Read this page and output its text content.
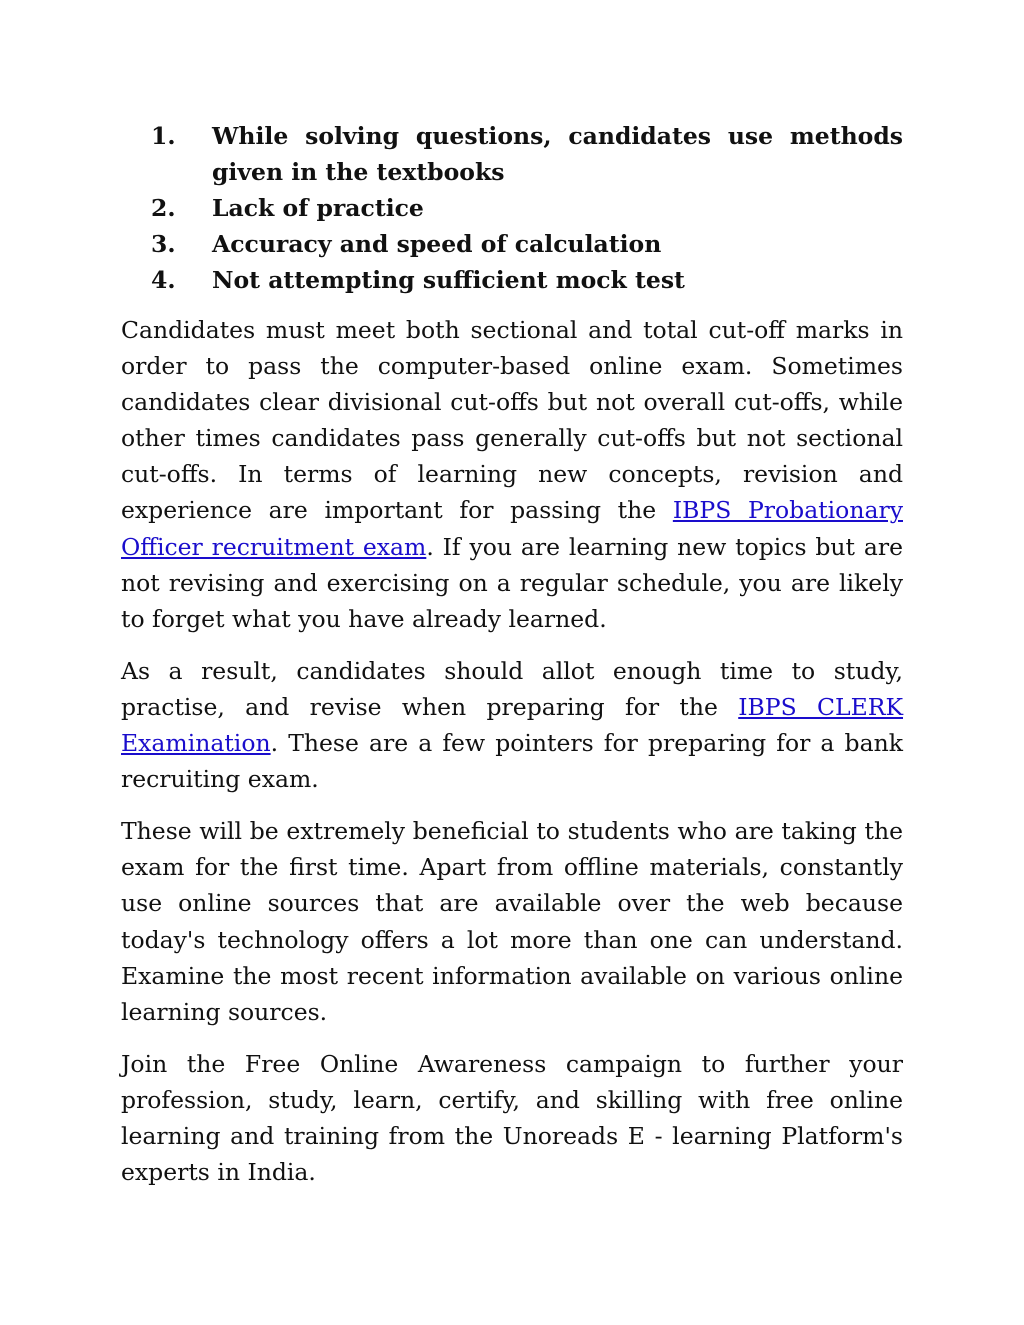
1.	While solving questions, candidates use methods given in the textbooks
2.	Lack of practice
3.	Accuracy and speed of calculation
4.	Not attempting sufficient mock test

Candidates must meet both sectional and total cut-off marks in order to pass the computer-based online exam. Sometimes candidates clear divisional cut-offs but not overall cut-offs, while other times candidates pass generally cut-offs but not sectional cut-offs. In terms of learning new concepts, revision and experience are important for passing the IBPS Probationary Officer recruitment exam. If you are learning new topics but are not revising and exercising on a regular schedule, you are likely to forget what you have already learned.

As a result, candidates should allot enough time to study, practise, and revise when preparing for the IBPS CLERK Examination. These are a few pointers for preparing for a bank recruiting exam.

These will be extremely beneficial to students who are taking the exam for the first time. Apart from offline materials, constantly use online sources that are available over the web because today's technology offers a lot more than one can understand. Examine the most recent information available on various online learning sources.

Join the Free Online Awareness campaign to further your profession, study, learn, certify, and skilling with free online learning and training from the Unoreads E - learning Platform's experts in India.
